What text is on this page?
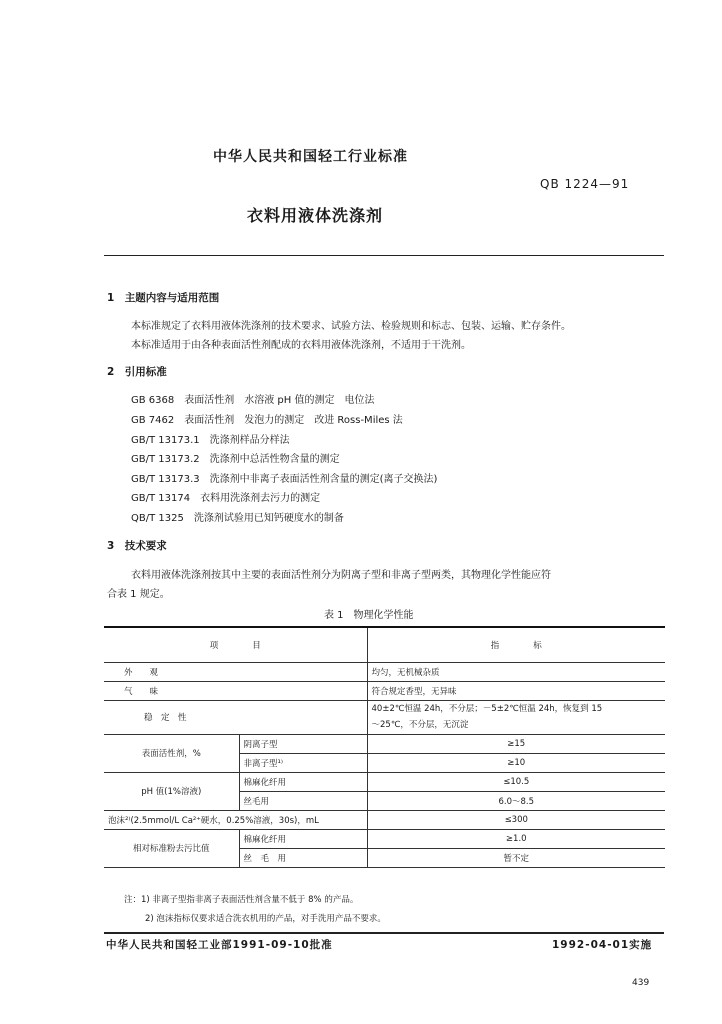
中华人民共和国轻工行业标准
QB 1224—91
衣料用液体洗涤剂
1　主题内容与适用范围
本标准规定了衣料用液体洗涤剂的技术要求、试验方法、检验规则和标志、包装、运输、贮存条件。
本标准适用于由各种表面活性剂配成的衣料用液体洗涤剂，不适用于干洗剂。
2　引用标准
GB 6368　表面活性剂　水溶液 pH 值的测定　电位法
GB 7462　表面活性剂　发泡力的测定　改进 Ross-Miles 法
GB/T 13173.1　洗涤剂样品分样法
GB/T 13173.2　洗涤剂中总活性物含量的测定
GB/T 13173.3　洗涤剂中非离子表面活性剂含量的测定(离子交换法)
GB/T 13174　衣料用洗涤剂去污力的测定
QB/T 1325　洗涤剂试验用已知钙硬度水的制备
3　技术要求
衣料用液体洗涤剂按其中主要的表面活性剂分为阴离子型和非离子型两类，其物理化学性能应符
合表 1 规定。
表 1　物理化学性能
项　　　　目		指　　　　标
外　　观		均匀，无机械杂质
气　　味		符合规定香型，无异味
稳　定　性		40±2℃恒温 24h，不分层；－5±2℃恒温 24h，恢复到 15
～25℃，不分层，无沉淀
表面活性剂，%	阴离子型	≥15
	非离子型¹⁾	≥10
pH 值(1%溶液)	棉麻化纤用	≤10.5
	丝毛用	6.0～8.5
泡沫²⁾(2.5mmol/L Ca²⁺硬水，0.25%溶液，30s)，mL		≤300
相对标准粉去污比值	棉麻化纤用	≥1.0
	丝　毛　用	暂不定
注：1) 非离子型指非离子表面活性剂含量不低于 8% 的产品。
2) 泡沫指标仅要求适合洗衣机用的产品，对手洗用产品不要求。
中华人民共和国轻工业部1991-09-10批准	1992-04-01实施
439
